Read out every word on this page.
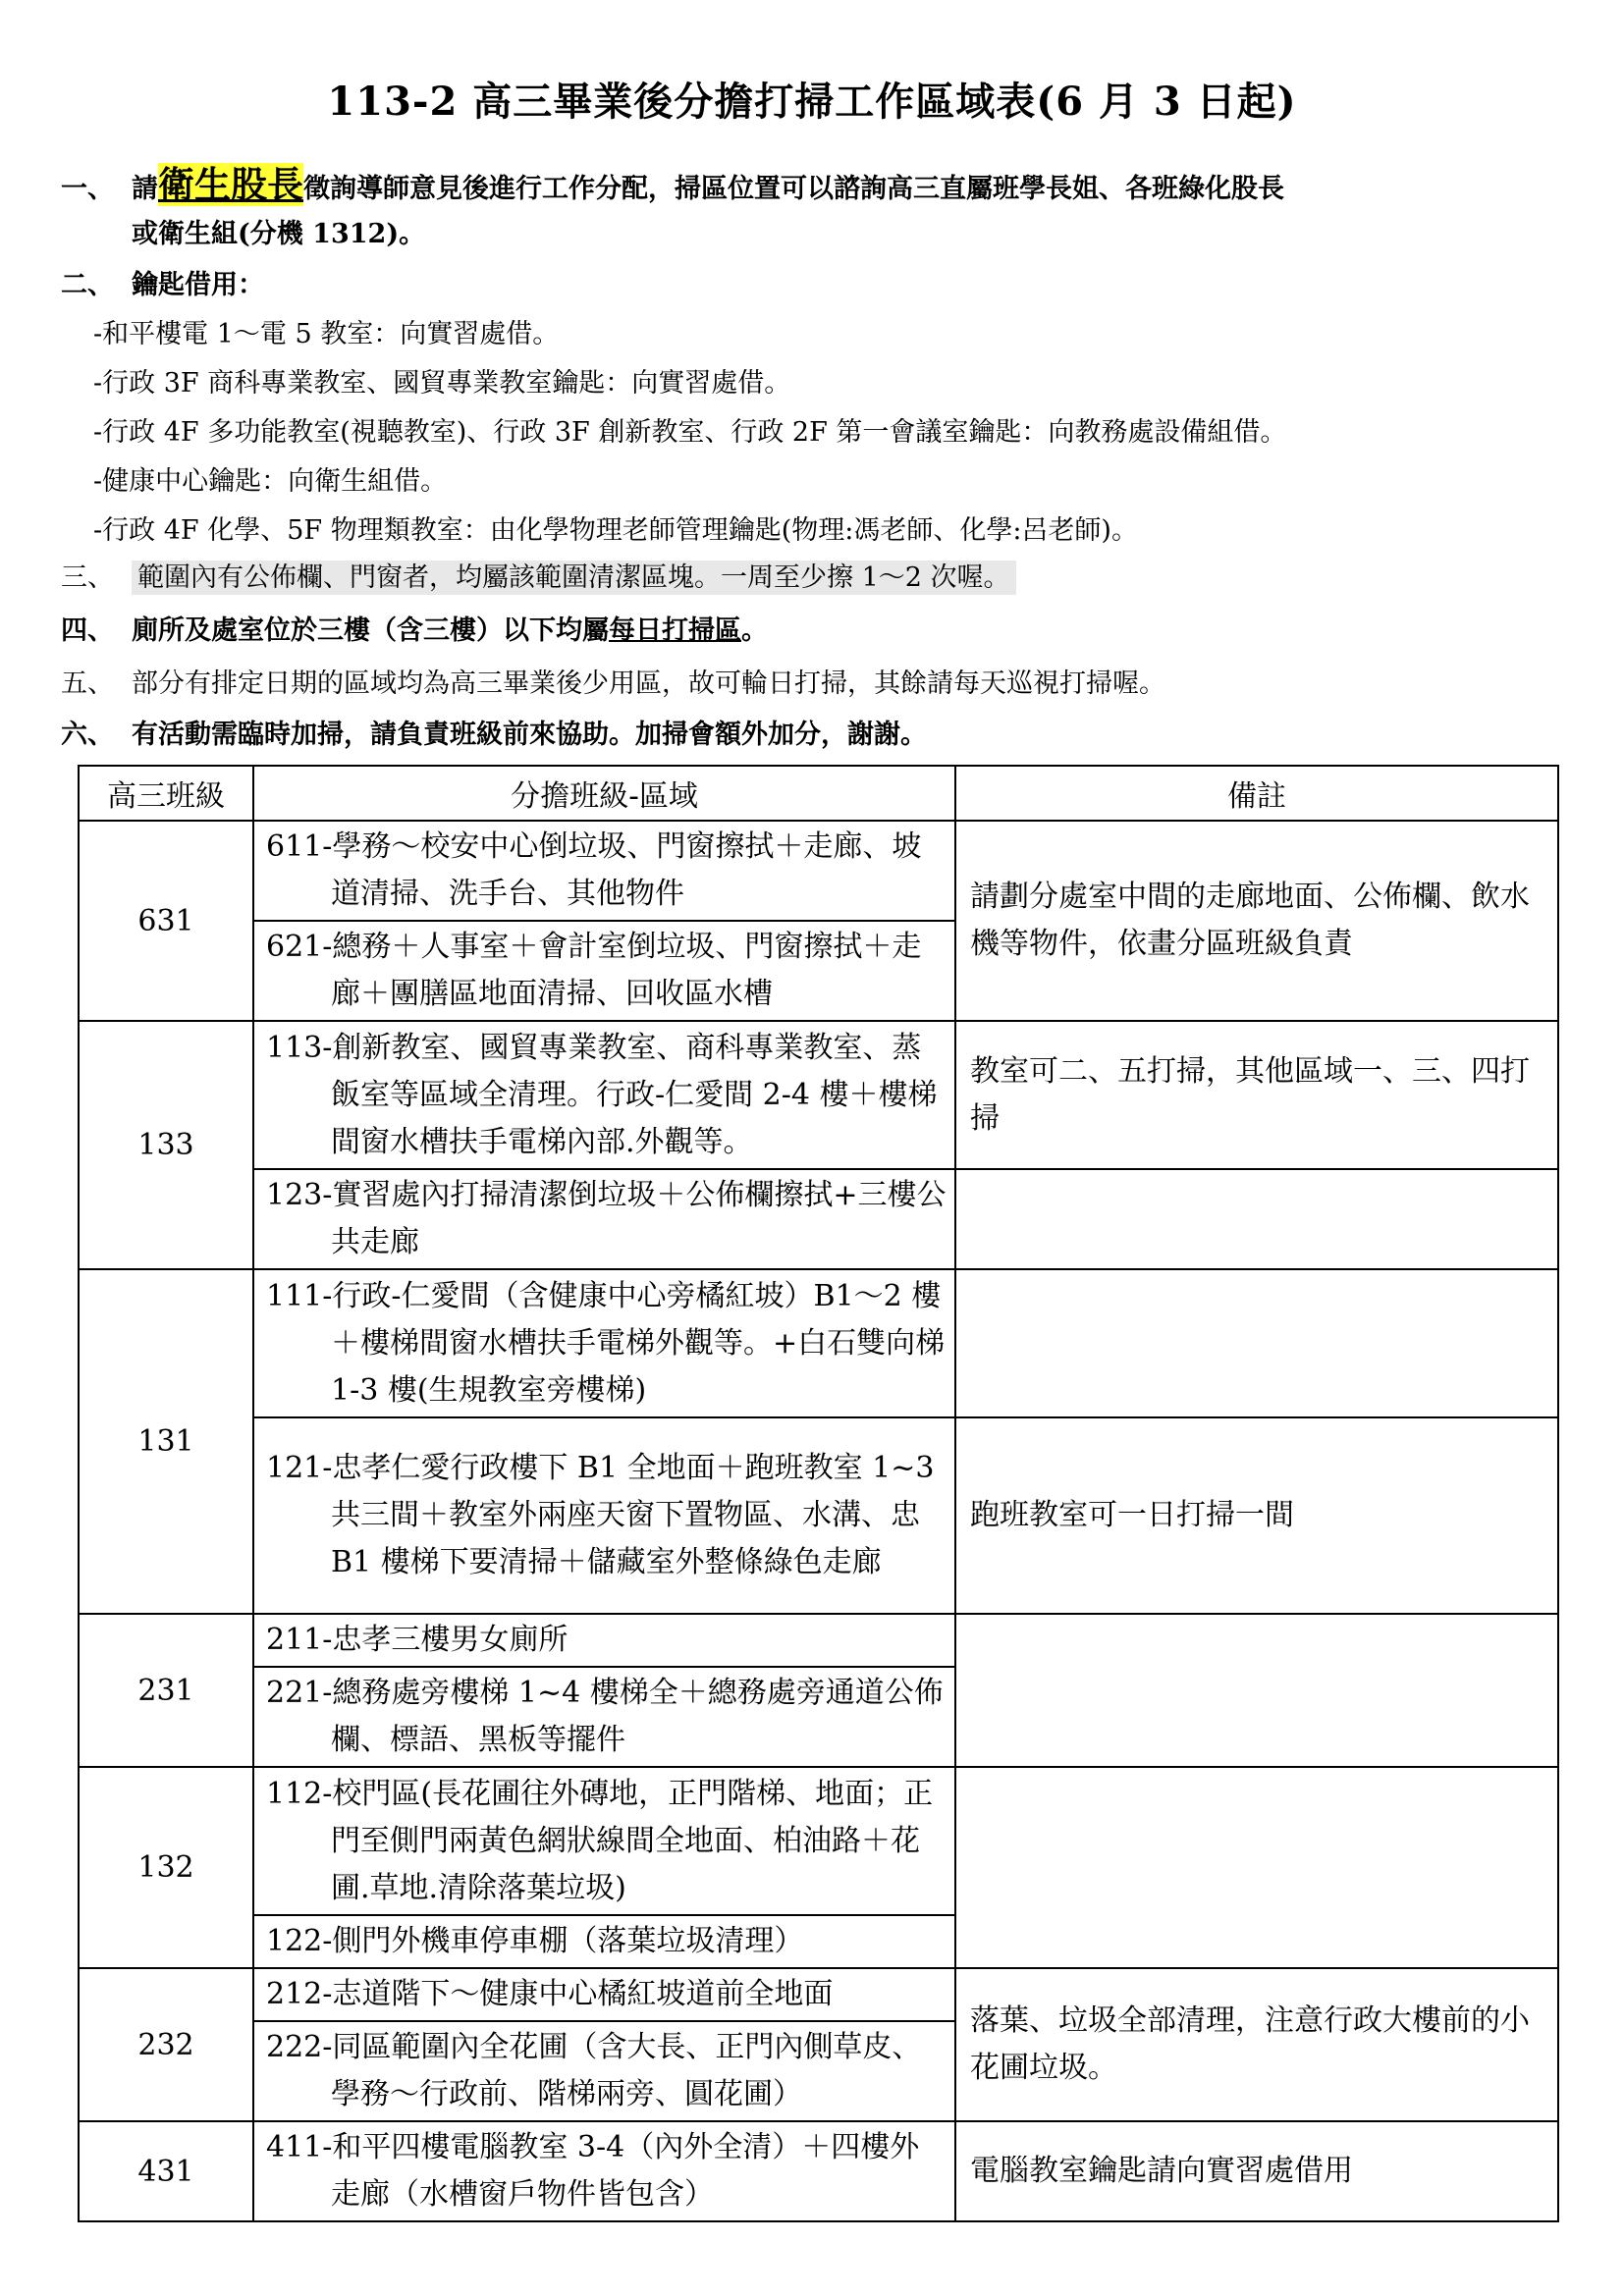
113-2 高三畢業後分擔打掃工作區域表(6 月 3 日起)
一、 請衛生股長徵詢導師意見後進行工作分配，掃區位置可以諮詢高三直屬班學長姐、各班綠化股長
或衛生組(分機 1312)。
二、 鑰匙借用：
-和平樓電 1～電 5 教室：向實習處借。
-行政 3F 商科專業教室、國貿專業教室鑰匙：向實習處借。
-行政 4F 多功能教室(視聽教室)、行政 3F 創新教室、行政 2F 第一會議室鑰匙：向教務處設備組借。
-健康中心鑰匙：向衛生組借。
-行政 4F 化學、5F 物理類教室：由化學物理老師管理鑰匙(物理:馮老師、化學:呂老師)。
三、 範圍內有公佈欄、門窗者，均屬該範圍清潔區塊。一周至少擦 1～2 次喔。
四、 廁所及處室位於三樓（含三樓）以下均屬每日打掃區。
五、 部分有排定日期的區域均為高三畢業後少用區，故可輪日打掃，其餘請每天巡視打掃喔。
六、 有活動需臨時加掃，請負責班級前來協助。加掃會額外加分，謝謝。
高三班級	分擔班級-區域	備註
631	611-學務～校安中心倒垃圾、門窗擦拭＋走廊、坡道清掃、洗手台、其他物件	請劃分處室中間的走廊地面、公佈欄、飲水機等物件，依畫分區班級負責

	621-總務＋人事室＋會計室倒垃圾、門窗擦拭＋走廊＋團膳區地面清掃、回收區水槽	

133	113-創新教室、國貿專業教室、商科專業教室、蒸飯室等區域全清理。行政-仁愛間 2-4 樓＋樓梯間窗水槽扶手電梯內部.外觀等。	教室可二、五打掃，其他區域一、三、四打掃

	123-實習處內打掃清潔倒垃圾＋公佈欄擦拭+三樓公共走廊	

131	111-行政-仁愛間（含健康中心旁橘紅坡）B1～2 樓＋樓梯間窗水槽扶手電梯外觀等。+白石雙向梯 1-3 樓(生規教室旁樓梯)	

	121-忠孝仁愛行政樓下 B1 全地面＋跑班教室 1~3 共三間＋教室外兩座天窗下置物區、水溝、忠 B1 樓梯下要清掃＋儲藏室外整條綠色走廊	跑班教室可一日打掃一間
231	211-忠孝三樓男女廁所	

	221-總務處旁樓梯 1~4 樓梯全＋總務處旁通道公佈欄、標語、黑板等擺件	

132	112-校門區(長花圃往外磚地，正門階梯、地面；正門至側門兩黃色網狀線間全地面、柏油路＋花圃.草地.清除落葉垃圾)	

	122-側門外機車停車棚（落葉垃圾清理）	

232	212-志道階下～健康中心橘紅坡道前全地面	落葉、垃圾全部清理，注意行政大樓前的小花圃垃圾。

	222-同區範圍內全花圃（含大長、正門內側草皮、學務～行政前、階梯兩旁、圓花圃）	

431	411-和平四樓電腦教室 3-4（內外全清）＋四樓外走廊（水槽窗戶物件皆包含）	電腦教室鑰匙請向實習處借用
